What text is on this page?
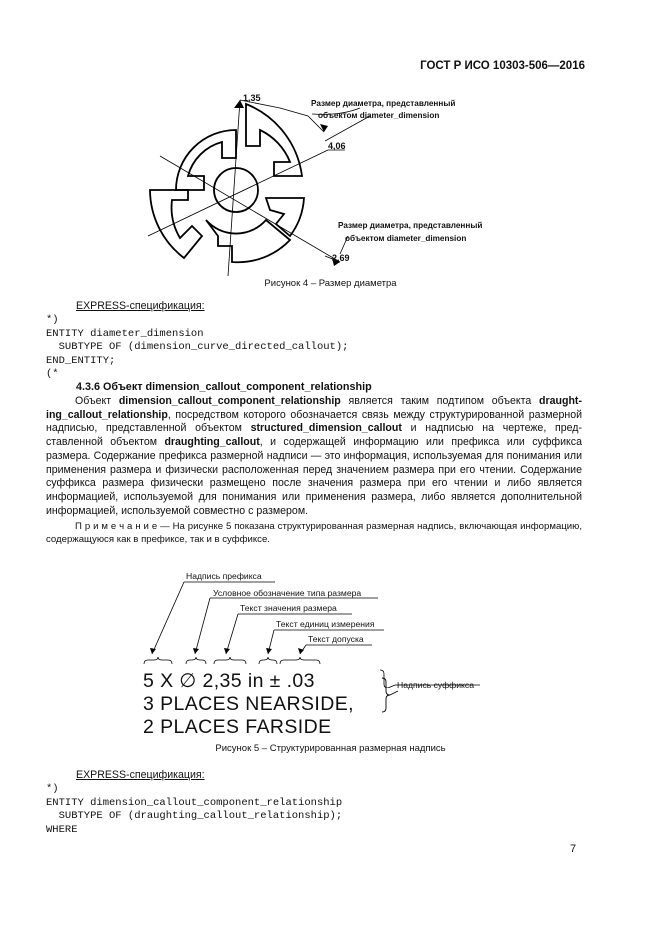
ГОСТ Р ИСО 10303-506—2016
1,35
4,06
2,69
Размер диаметра, представленный
объектом diameter_dimension
Размер диаметра, представленный
объектом diameter_dimension
Рисунок 4 – Размер диаметра
EXPRESS-спецификация:
*)
ENTITY diameter_dimension
SUBTYPE OF (dimension_curve_directed_callout);
END_ENTITY;
(*
4.3.6 Объект dimension_callout_component_relationship

Объект dimension_callout_component_relationship является таким подтипом объекта draughting_callout_relationship, посредством которого обозначается связь между структурированной размерной надписью, представленной объектом structured_dimension_callout и надписью на чертеже, представленной объектом draughting_callout, и содержащей информацию или префикса или суффикса размера. Содержание префикса размерной надписи — это информация, используемая для понимания или применения размера и физически расположенная перед значением размера при его чтении. Содержание суффикса размера физически размещено после значения размера при его чтении и либо является информацией, используемой для понимания или применения размера, либо является дополнительной информацией, используемой совместно с размером.

П р и м е ч а н и е — На рисунке 5 показана структурированная размерная надпись, включающая информацию, содержащуюся как в префиксе, так и в суффиксе.

Надпись префикса
Условное обозначение типа размера
Текст значения размера
Текст единиц измерения
Текст допуска
Надпись суффикса
5 X ∅ 2,35 in ± .03
3 PLACES NEARSIDE,
2 PLACES FARSIDE
Рисунок 5 – Структурированная размерная надпись
EXPRESS-спецификация:
*)
ENTITY dimension_callout_component_relationship
SUBTYPE OF (draughting_callout_relationship);
WHERE
7
